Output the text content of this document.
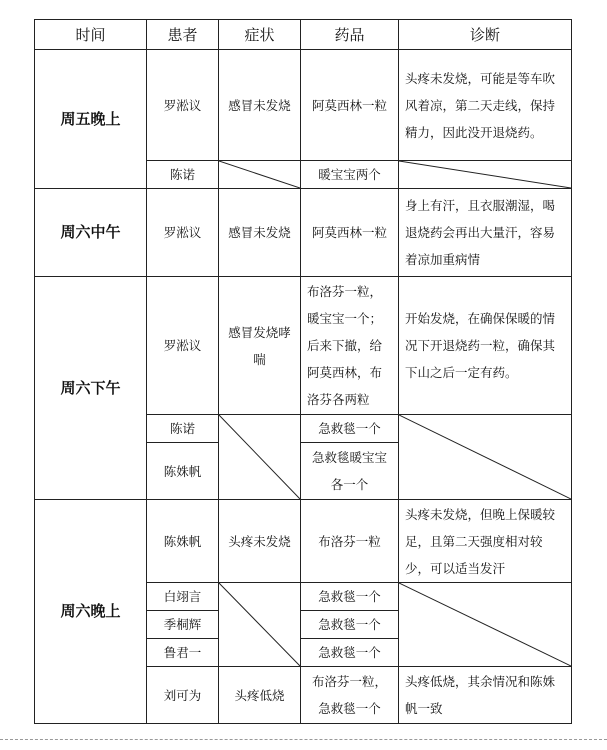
时间	患者	症状	药品	诊断
周五晚上	罗淞议	感冒未发烧	阿莫西林一粒	头疼未发烧，可能是等车吹风着凉，第二天走线，保持精力，因此没开退烧药。
	陈诺		暖宝宝两个	

周六中午	罗淞议	感冒未发烧	阿莫西林一粒	身上有汗，且衣服潮湿，喝退烧药会再出大量汗，容易着凉加重病情
周六下午	罗淞议	感冒发烧哮喘	布洛芬一粒，暖宝宝一个；后来下撤，给阿莫西林，布洛芬各两粒	开始发烧，在确保保暖的情况下开退烧药一粒，确保其下山之后一定有药。
	陈诺		急救毯一个	

	陈姝帆		急救毯暖宝宝各一个	
周六晚上	陈姝帆	头疼未发烧	布洛芬一粒	头疼未发烧，但晚上保暖较足，且第二天强度相对较少，可以适当发汗
	白翊言		急救毯一个	

	季桐辉		急救毯一个	
	鲁君一		急救毯一个	
	刘可为	头疼低烧	布洛芬一粒，急救毯一个	头疼低烧，其余情况和陈姝帆一致
